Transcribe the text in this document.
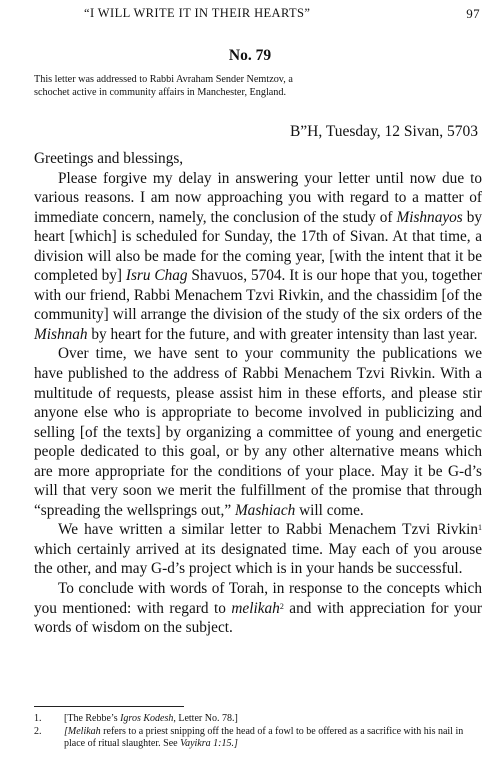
“I WILL WRITE IT IN THEIR HEARTS”	97
No. 79
This letter was addressed to Rabbi Avraham Sender Nemtzov, a schochet active in community affairs in Manchester, England.
B”H, Tuesday, 12 Sivan, 5703

Greetings and blessings,

Please forgive my delay in answering your letter until now due to various reasons. I am now approaching you with regard to a matter of immediate concern, namely, the conclusion of the study of Mishnayos by heart [which] is scheduled for Sunday, the 17th of Sivan. At that time, a division will also be made for the coming year, [with the intent that it be completed by] Isru Chag Shavuos, 5704. It is our hope that you, together with our friend, Rabbi Menachem Tzvi Rivkin, and the chassidim [of the community] will arrange the division of the study of the six orders of the Mishnah by heart for the future, and with greater intensity than last year.

Over time, we have sent to your community the publications we have published to the address of Rabbi Menachem Tzvi Rivkin. With a multitude of requests, please assist him in these efforts, and please stir anyone else who is appropriate to become involved in publicizing and selling [of the texts] by organizing a committee of young and energetic people dedicated to this goal, or by any other alternative means which are more appropriate for the conditions of your place. May it be G-d’s will that very soon we merit the fulfillment of the promise that through “spreading the wellsprings out,” Mashiach will come.

We have written a similar letter to Rabbi Menachem Tzvi Rivkin$^1$ which certainly arrived at its designated time. May each of you arouse the other, and may G-d’s project which is in your hands be successful.

To conclude with words of Torah, in response to the concepts which you mentioned: with regard to melikah$^2$ and with appreciation for your words of wisdom on the subject.

1.	[The Rebbe’s Igros Kodesh, Letter No. 78.]
2.	[Melikah refers to a priest snipping off the head of a fowl to be offered as a sacrifice with his nail in place of ritual slaughter. See Vayikra 1:15.]
